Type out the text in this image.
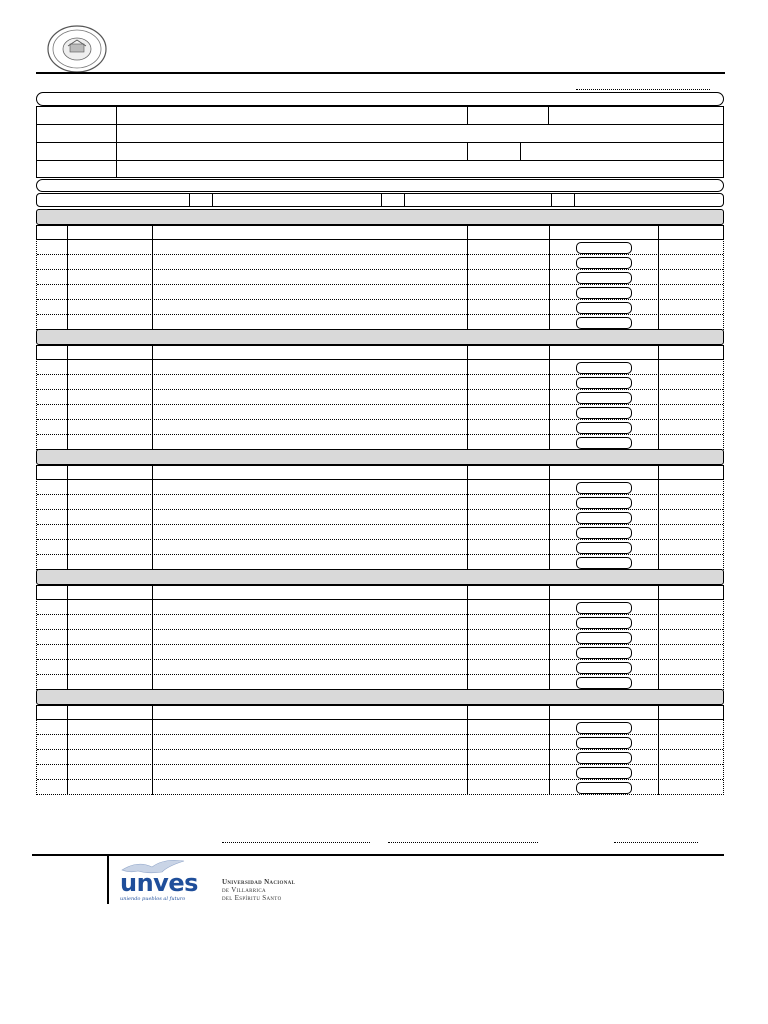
unves
uniendo pueblos al futuro
Universidad Nacional
de Villarrica
del Espíritu Santo
